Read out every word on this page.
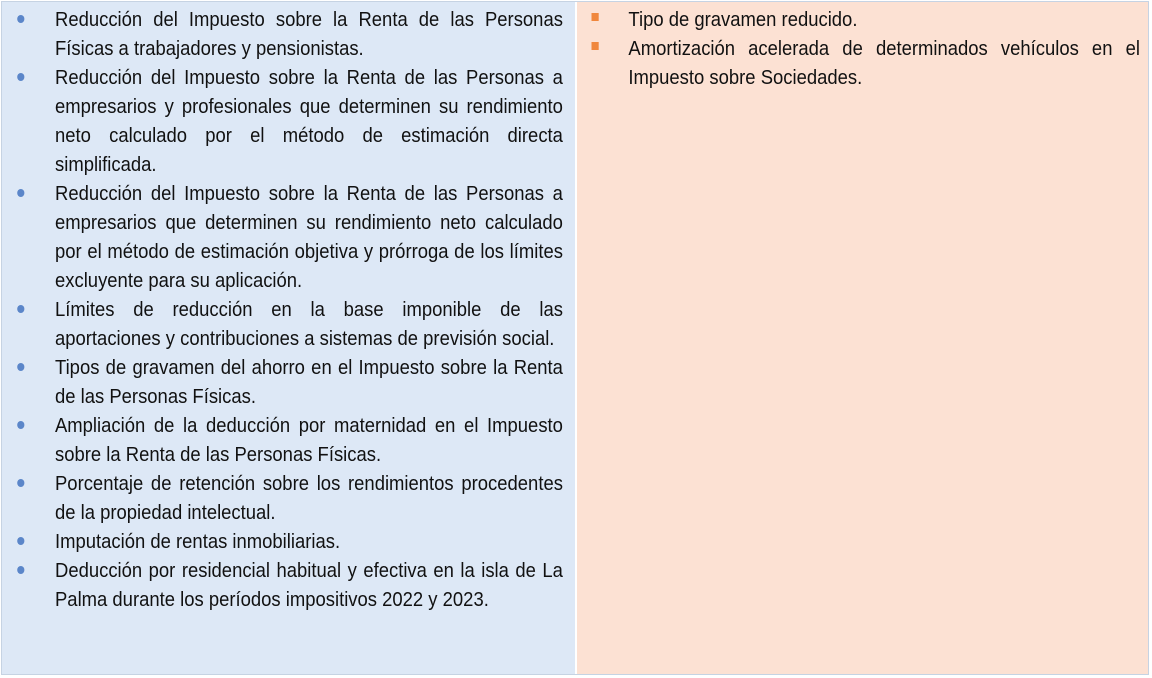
Reducción del Impuesto sobre la Renta de las Personas Físicas a trabajadores y pensionistas.
Reducción del Impuesto sobre la Renta de las Personas a empresarios y profesionales que determinen su rendimiento neto calculado por el método de estimación directa simplificada.
Reducción del Impuesto sobre la Renta de las Personas a empresarios que determinen su rendimiento neto calculado por el método de estimación objetiva y prórroga de los límites excluyente para su aplicación.
Límites de reducción en la base imponible de las aportaciones y contribuciones a sistemas de previsión social.
Tipos de gravamen del ahorro en el Impuesto sobre la Renta de las Personas Físicas.
Ampliación de la deducción por maternidad en el Impuesto sobre la Renta de las Personas Físicas.
Porcentaje de retención sobre los rendimientos procedentes de la propiedad intelectual.
Imputación de rentas inmobiliarias.
Deducción por residencial habitual y efectiva en la isla de La Palma durante los períodos impositivos 2022 y 2023.
Tipo de gravamen reducido.
Amortización acelerada de determinados vehículos en el Impuesto sobre Sociedades.
